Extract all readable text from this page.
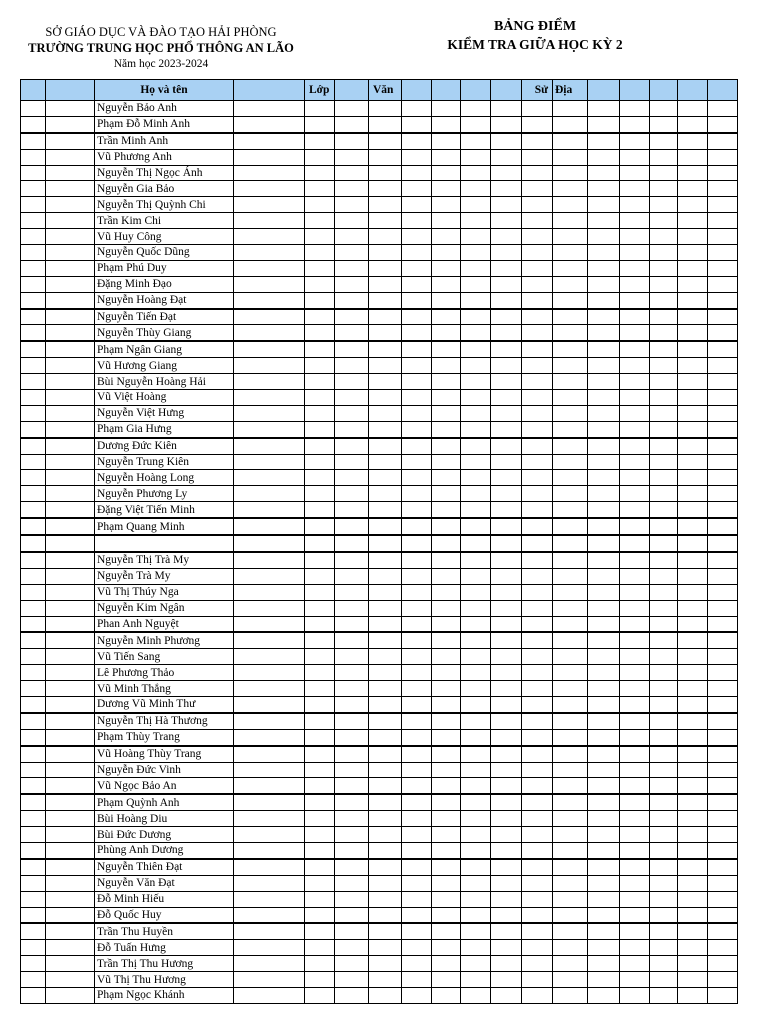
SỞ GIÁO DỤC VÀ ĐÀO TẠO HẢI PHÒNG
TRƯỜNG TRUNG HỌC PHỔ THÔNG AN LÃO
Năm học 2023-2024
BẢNG ĐIỂM
KIỂM TRA GIỮA HỌC KỲ 2
		Họ và tên		Lớp		Văn					Sử	Địa					
		Nguyễn Bảo Anh															
		Phạm Đỗ Minh Anh															
		Trần Minh Anh															
		Vũ Phương Anh															
		Nguyễn Thị Ngọc Ánh															
		Nguyễn Gia Bảo															
		Nguyễn Thị Quỳnh Chi															
		Trần Kim Chi															
		Vũ Huy Công															
		Nguyễn Quốc Dũng															
		Phạm Phú Duy															
		Đặng Minh Đạo															
		Nguyễn Hoàng Đạt															
		Nguyễn Tiến Đạt															
		Nguyễn Thùy Giang															
		Phạm Ngân Giang															
		Vũ Hương Giang															
		Bùi Nguyễn Hoàng Hải															
		Vũ Việt Hoàng															
		Nguyễn Việt Hưng															
		Phạm Gia Hưng															
		Dương Đức Kiên															
		Nguyễn Trung Kiên															
		Nguyễn Hoàng Long															
		Nguyễn Phương Ly															
		Đặng Việt Tiến Minh															
		Phạm Quang Minh															

		Nguyễn Thị Trà My															
		Nguyễn Trà My															
		Vũ Thị Thúy Nga															
		Nguyễn Kim Ngân															
		Phan Anh Nguyệt															
		Nguyễn Minh Phương															
		Vũ Tiến Sang															
		Lê Phương Thảo															
		Vũ Minh Thắng															
		Dương Vũ Minh Thư															
		Nguyễn Thị Hà Thương															
		Phạm Thùy Trang															
		Vũ Hoàng Thùy Trang															
		Nguyễn Đức Vinh															
		Vũ Ngọc Bảo An															
		Phạm Quỳnh Anh															
		Bùi Hoàng Diu															
		Bùi Đức Dương															
		Phùng Anh Dương															
		Nguyễn Thiên Đạt															
		Nguyễn Văn Đạt															
		Đỗ Minh Hiếu															
		Đỗ Quốc Huy															
		Trần Thu Huyền															
		Đỗ Tuấn Hưng															
		Trần Thị Thu Hương															
		Vũ Thị Thu Hương															
		Phạm Ngọc Khánh															
